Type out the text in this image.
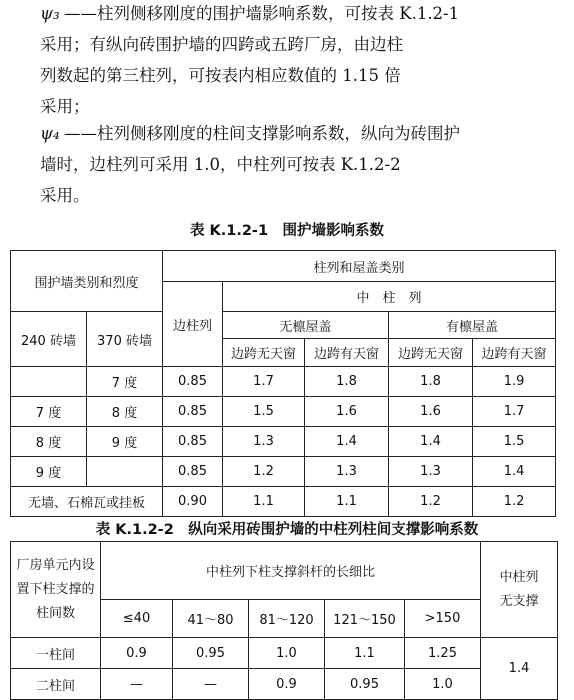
ψ₃ ——柱列侧移刚度的围护墙影响系数，可按表 K.1.2-1
采用；有纵向砖围护墙的四跨或五跨厂房，由边柱
列数起的第三柱列，可按表内相应数值的 1.15 倍
采用；
ψ₄ ——柱列侧移刚度的柱间支撑影响系数，纵向为砖围护
墙时，边柱列可采用 1.0，中柱列可按表 K.1.2-2
采用。
表 K.1.2-1　围护墙影响系数
围护墙类别和烈度		柱列和屋盖类别				
		边柱列	中　柱　列			
240 砖墙	370 砖墙		无檩屋盖		有檩屋盖	
			边跨无天窗	边跨有天窗	边跨无天窗	边跨有天窗
	7 度	0.85	1.7	1.8	1.8	1.9
7 度	8 度	0.85	1.5	1.6	1.6	1.7
8 度	9 度	0.85	1.3	1.4	1.4	1.5
9 度		0.85	1.2	1.3	1.3	1.4
无墙、石棉瓦或挂板		0.90	1.1	1.1	1.2	1.2
表 K.1.2-2　纵向采用砖围护墙的中柱列柱间支撑影响系数
厂房单元内设置下柱支撑的柱间数	中柱列下柱支撑斜杆的长细比					中柱列无支撑
	≤40	41～80	81～120	121～150	>150	
一柱间	0.9	0.95	1.0	1.1	1.25	1.4
二柱间	—	—	0.9	0.95	1.0	
